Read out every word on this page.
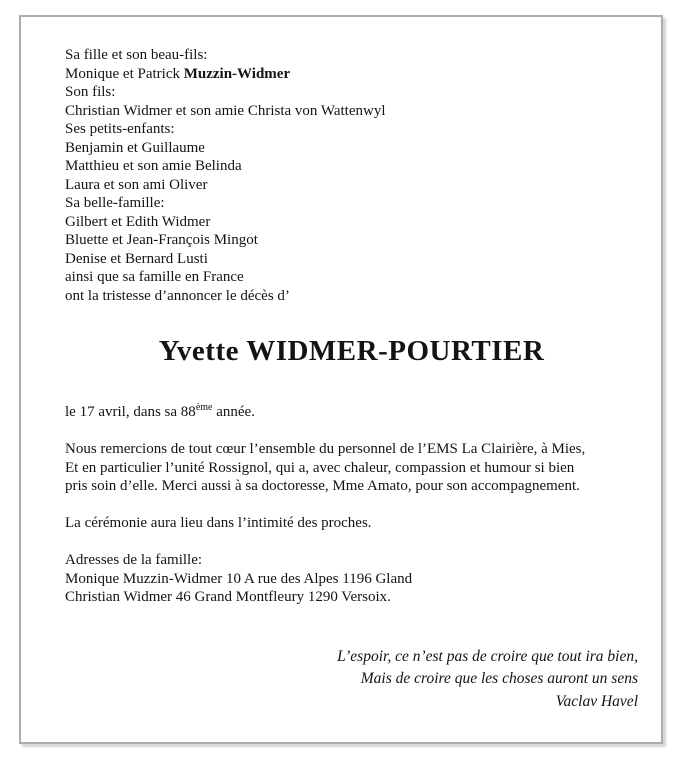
Sa fille et son beau-fils:
Monique et Patrick Muzzin-Widmer
Son fils:
Christian Widmer et son amie Christa von Wattenwyl
Ses petits-enfants:
Benjamin et Guillaume
Matthieu et son amie Belinda
Laura et son ami Oliver
Sa belle-famille:
Gilbert et Edith Widmer
Bluette et Jean-François Mingot
Denise et Bernard Lusti
ainsi que sa famille en France
ont la tristesse d’annoncer le décès d’
Yvette WIDMER-POURTIER

le 17 avril, dans sa 88ème année.

Nous remercions de tout cœur l’ensemble du personnel de l’EMS La Clairière, à Mies,
Et en particulier l’unité Rossignol, qui a, avec chaleur, compassion et humour si bien
pris soin d’elle. Merci aussi à sa doctoresse, Mme Amato, pour son accompagnement.

La cérémonie aura lieu dans l’intimité des proches.

Adresses de la famille:
Monique Muzzin-Widmer 10 A rue des Alpes 1196 Gland
Christian Widmer 46 Grand Montfleury 1290 Versoix.
L’espoir, ce n’est pas de croire que tout ira bien,
Mais de croire que les choses auront un sens
Vaclav Havel
